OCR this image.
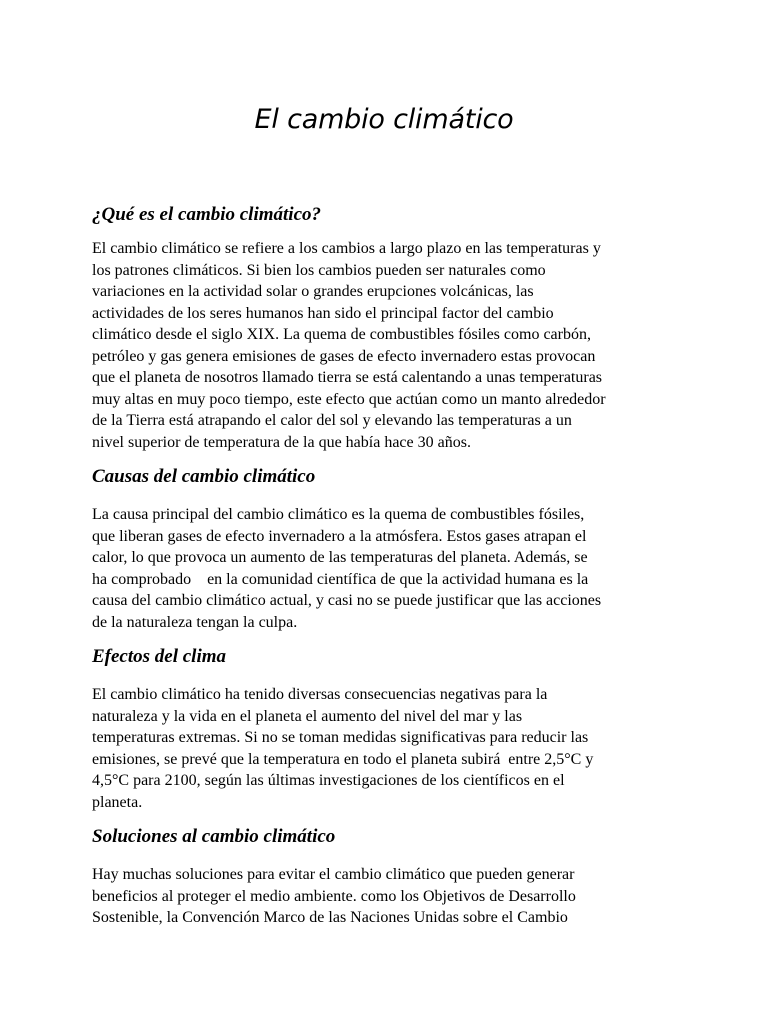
El cambio climático
¿Qué es el cambio climático?

El cambio climático se refiere a los cambios a largo plazo en las temperaturas y
los patrones climáticos. Si bien los cambios pueden ser naturales como
variaciones en la actividad solar o grandes erupciones volcánicas, las
actividades de los seres humanos han sido el principal factor del cambio
climático desde el siglo XIX. La quema de combustibles fósiles como carbón,
petróleo y gas genera emisiones de gases de efecto invernadero estas provocan
que el planeta de nosotros llamado tierra se está calentando a unas temperaturas
muy altas en muy poco tiempo, este efecto que actúan como un manto alrededor
de la Tierra está atrapando el calor del sol y elevando las temperaturas a un
nivel superior de temperatura de la que había hace 30 años.

Causas del cambio climático

La causa principal del cambio climático es la quema de combustibles fósiles,
que liberan gases de efecto invernadero a la atmósfera. Estos gases atrapan el
calor, lo que provoca un aumento de las temperaturas del planeta. Además, se
ha comprobado    en la comunidad científica de que la actividad humana es la
causa del cambio climático actual, y casi no se puede justificar que las acciones
de la naturaleza tengan la culpa.

Efectos del clima

El cambio climático ha tenido diversas consecuencias negativas para la
naturaleza y la vida en el planeta el aumento del nivel del mar y las
temperaturas extremas. Si no se toman medidas significativas para reducir las
emisiones, se prevé que la temperatura en todo el planeta subirá  entre 2,5°C y
4,5°C para 2100, según las últimas investigaciones de los científicos en el
planeta.

Soluciones al cambio climático

Hay muchas soluciones para evitar el cambio climático que pueden generar
beneficios al proteger el medio ambiente. como los Objetivos de Desarrollo
Sostenible, la Convención Marco de las Naciones Unidas sobre el Cambio
